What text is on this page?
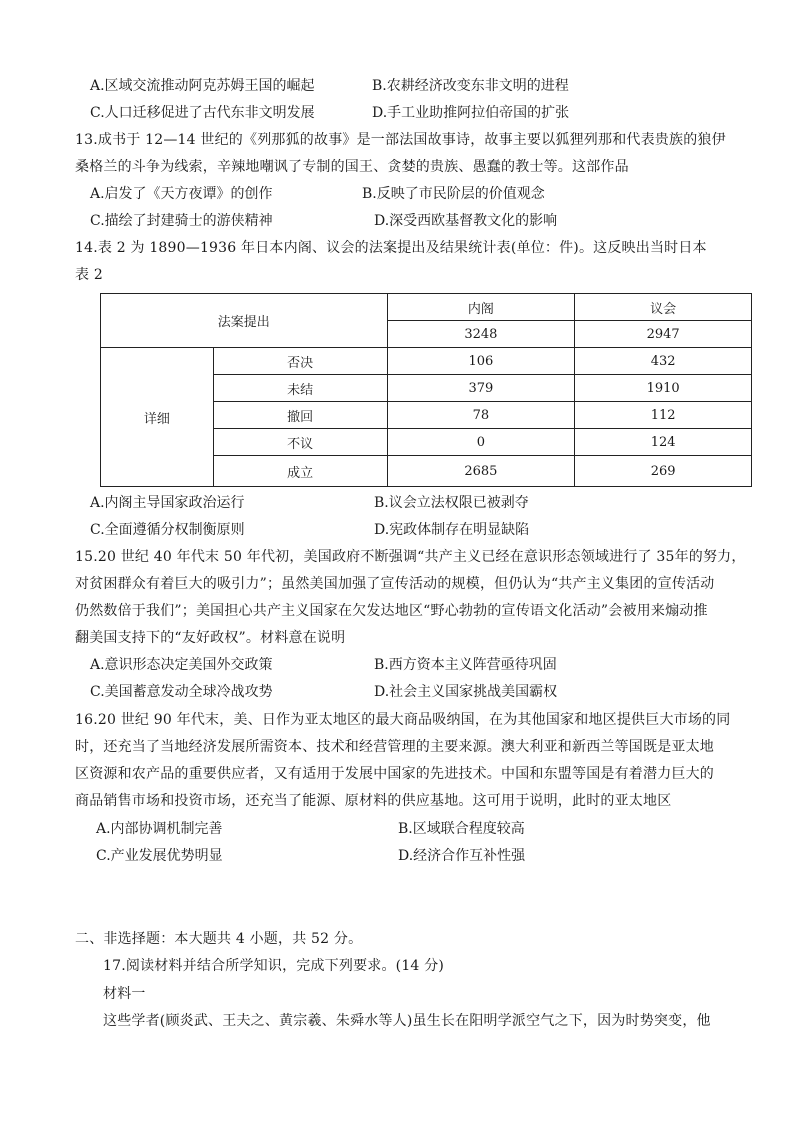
A.区域交流推动阿克苏姆王国的崛起	B.农耕经济改变东非文明的进程
C.人口迁移促进了古代东非文明发展	D.手工业助推阿拉伯帝国的扩张
13.成书于 12—14 世纪的《列那狐的故事》是一部法国故事诗，故事主要以狐狸列那和代表贵族的狼伊
桑格兰的斗争为线索，辛辣地嘲讽了专制的国王、贪婪的贵族、愚蠢的教士等。这部作品
A.启发了《天方夜谭》的创作	B.反映了市民阶层的价值观念
C.描绘了封建骑士的游侠精神	D.深受西欧基督教文化的影响
14.表 2 为 1890—1936 年日本内阁、议会的法案提出及结果统计表(单位：件)。这反映出当时日本
表 2
法案提出		内阁	议会
		3248	2947
详细	否决	106	432
	未结	379	1910
	撤回	78	112
	不议	0	124
	成立	2685	269
A.内阁主导国家政治运行	B.议会立法权限已被剥夺
C.全面遵循分权制衡原则	D.宪政体制存在明显缺陷
15.20 世纪 40 年代末 50 年代初，美国政府不断强调“共产主义已经在意识形态领域进行了 35年的努力，
对贫困群众有着巨大的吸引力”；虽然美国加强了宣传活动的规模，但仍认为“共产主义集团的宣传活动
仍然数倍于我们”；美国担心共产主义国家在欠发达地区“野心勃勃的宣传语文化活动”会被用来煽动推
翻美国支持下的“友好政权”。材料意在说明
A.意识形态决定美国外交政策	B.西方资本主义阵营亟待巩固
C.美国蓄意发动全球冷战攻势	D.社会主义国家挑战美国霸权
16.20 世纪 90 年代末，美、日作为亚太地区的最大商品吸纳国，在为其他国家和地区提供巨大市场的同
时，还充当了当地经济发展所需资本、技术和经营管理的主要来源。澳大利亚和新西兰等国既是亚太地
区资源和农产品的重要供应者，又有适用于发展中国家的先进技术。中国和东盟等国是有着潜力巨大的
商品销售市场和投资市场，还充当了能源、原材料的供应基地。这可用于说明，此时的亚太地区
A.内部协调机制完善	B.区域联合程度较高
C.产业发展优势明显	D.经济合作互补性强
二、非选择题：本大题共 4 小题，共 52 分。
17.阅读材料并结合所学知识，完成下列要求。(14 分)
材料一
这些学者(顾炎武、王夫之、黄宗羲、朱舜水等人)虽生长在阳明学派空气之下，因为时势突变，他
